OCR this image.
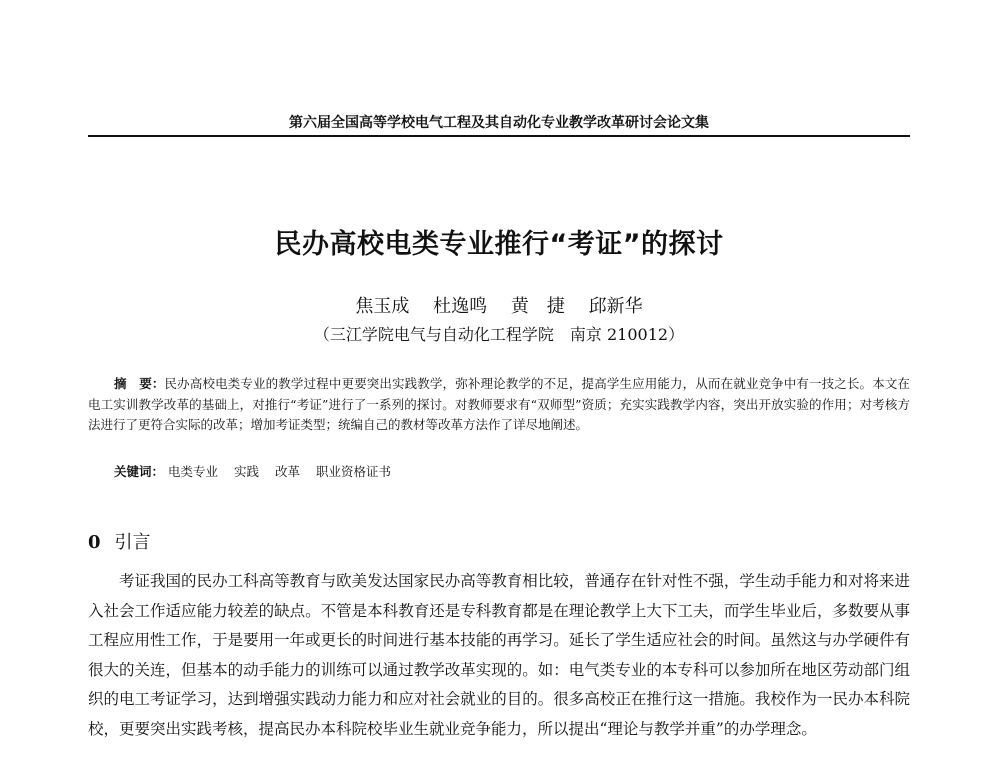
第六届全国高等学校电气工程及其自动化专业教学改革研讨会论文集
民办高校电类专业推行“考证”的探讨
焦玉成 杜逸鸣 黄　捷 邱新华
（三江学院电气与自动化工程学院　南京 210012）
摘　要：民办高校电类专业的教学过程中更要突出实践教学，弥补理论教学的不足，提高学生应用能力，从而在就业竞争中有一技之长。本文在电工实训教学改革的基础上，对推行“考证”进行了一系列的探讨。对教师要求有“双师型”资质；充实实践教学内容，突出开放实验的作用；对考核方法进行了更符合实际的改革；增加考证类型；统编自己的教材等改革方法作了详尽地阐述。
关键词： 电类专业 实践 改革 职业资格证书
0 引言
考证我国的民办工科高等教育与欧美发达国家民办高等教育相比较，普通存在针对性不强，学生动手能力和对将来进入社会工作适应能力较差的缺点。不管是本科教育还是专科教育都是在理论教学上大下工夫，而学生毕业后，多数要从事工程应用性工作，于是要用一年或更长的时间进行基本技能的再学习。延长了学生适应社会的时间。虽然这与办学硬件有很大的关连，但基本的动手能力的训练可以通过教学改革实现的。如：电气类专业的本专科可以参加所在地区劳动部门组织的电工考证学习，达到增强实践动力能力和应对社会就业的目的。很多高校正在推行这一措施。我校作为一民办本科院校，更要突出实践考核，提高民办本科院校毕业生就业竞争能力，所以提出“理论与教学并重”的办学理念。
